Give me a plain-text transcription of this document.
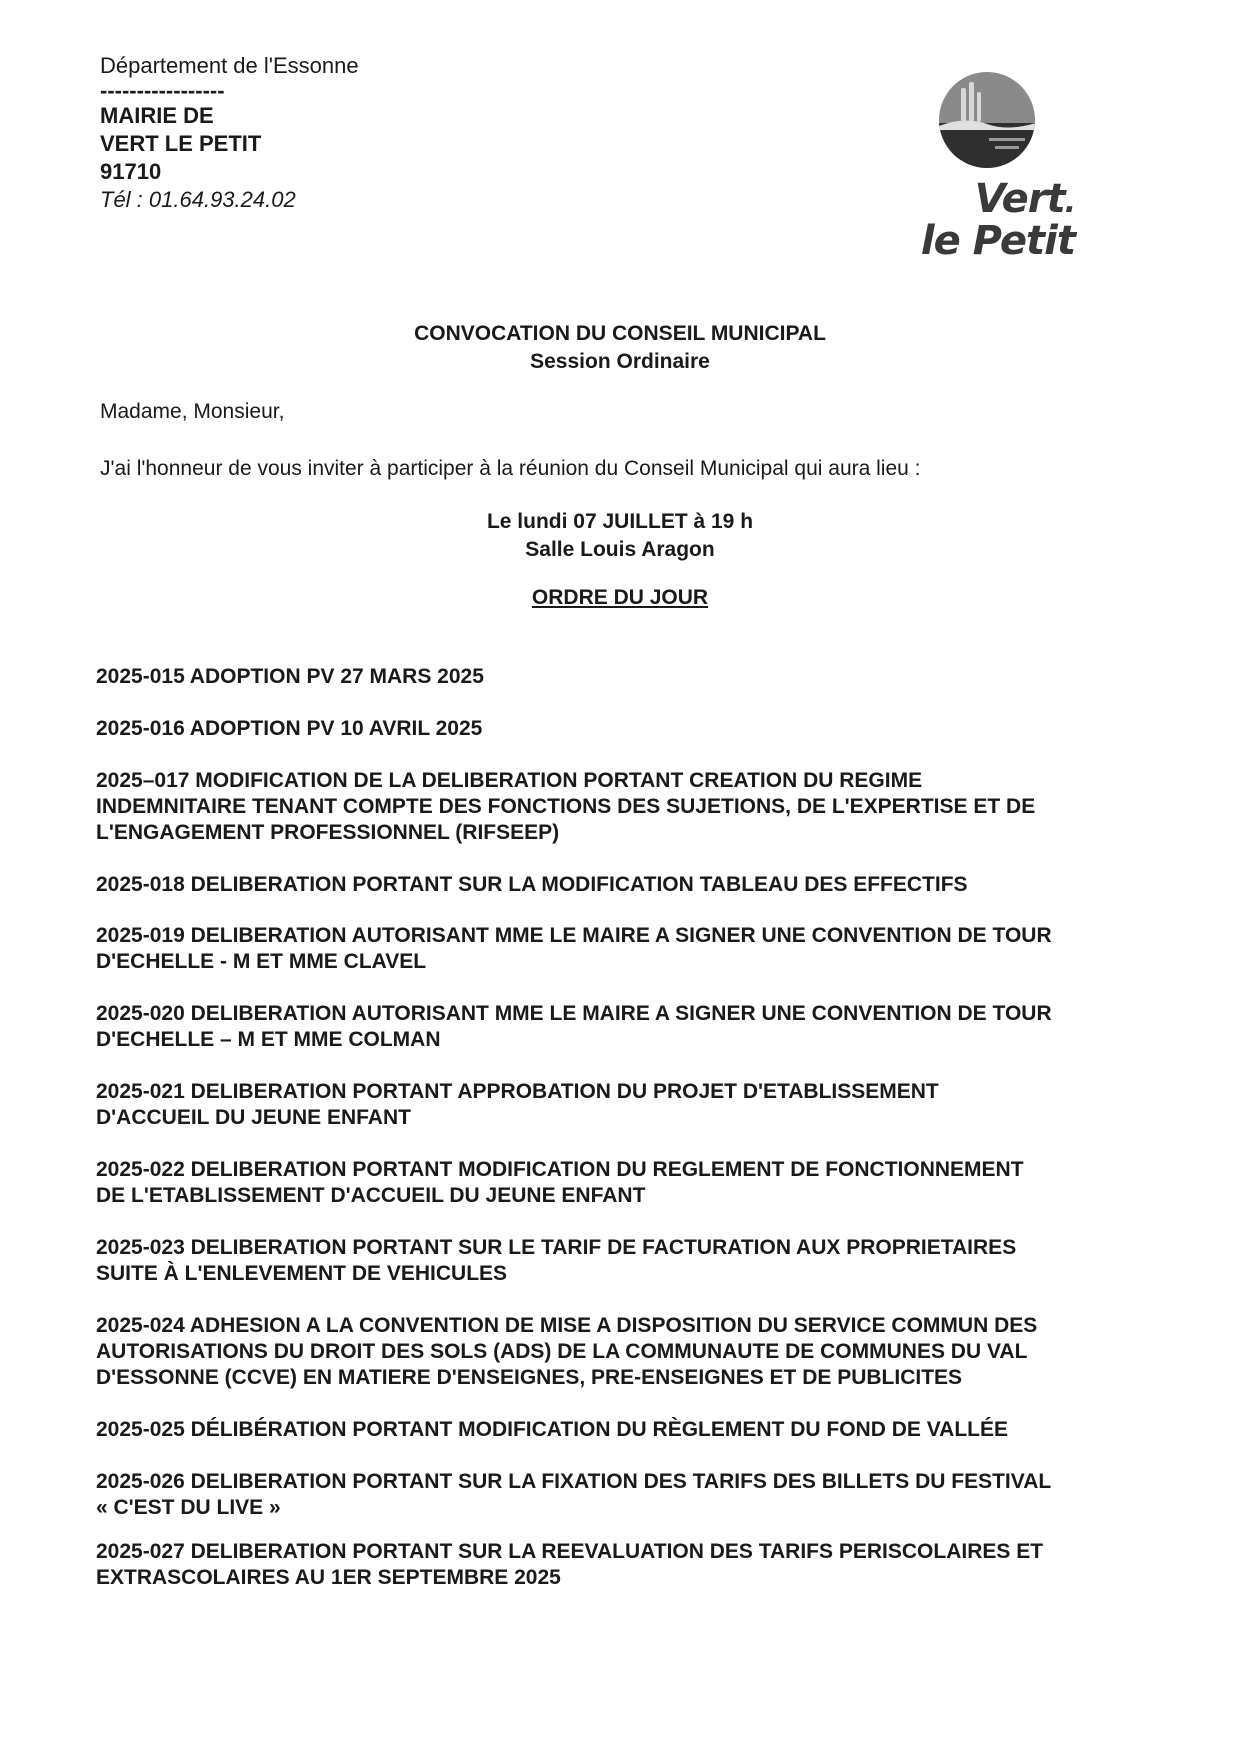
Département de l'Essonne
-----------------
MAIRIE DE
VERT LE PETIT
91710
Tél : 01.64.93.24.02	Vert.
le Petit
CONVOCATION DU CONSEIL MUNICIPAL
Session Ordinaire
Madame, Monsieur,
J'ai l'honneur de vous inviter à participer à la réunion du Conseil Municipal qui aura lieu :
Le lundi 07 JUILLET à 19 h
Salle Louis Aragon
ORDRE DU JOUR
2025-015 ADOPTION PV 27 MARS 2025
2025-016 ADOPTION PV 10 AVRIL 2025
2025–017 MODIFICATION DE LA DELIBERATION PORTANT CREATION DU REGIME
INDEMNITAIRE TENANT COMPTE DES FONCTIONS DES SUJETIONS, DE L'EXPERTISE ET DE
L'ENGAGEMENT PROFESSIONNEL (RIFSEEP)
2025-018 DELIBERATION PORTANT SUR LA MODIFICATION TABLEAU DES EFFECTIFS
2025-019 DELIBERATION AUTORISANT MME LE MAIRE A SIGNER UNE CONVENTION DE TOUR
D'ECHELLE - M ET MME CLAVEL
2025-020 DELIBERATION AUTORISANT MME LE MAIRE A SIGNER UNE CONVENTION DE TOUR
D'ECHELLE – M ET MME COLMAN
2025-021 DELIBERATION PORTANT APPROBATION DU PROJET D'ETABLISSEMENT
D'ACCUEIL DU JEUNE ENFANT
2025-022 DELIBERATION PORTANT MODIFICATION DU REGLEMENT DE FONCTIONNEMENT
DE L'ETABLISSEMENT D'ACCUEIL DU JEUNE ENFANT
2025-023 DELIBERATION PORTANT SUR LE TARIF DE FACTURATION AUX PROPRIETAIRES
SUITE À L'ENLEVEMENT DE VEHICULES
2025-024 ADHESION A LA CONVENTION DE MISE A DISPOSITION DU SERVICE COMMUN DES
AUTORISATIONS DU DROIT DES SOLS (ADS) DE LA COMMUNAUTE DE COMMUNES DU VAL
D'ESSONNE (CCVE) EN MATIERE D'ENSEIGNES, PRE-ENSEIGNES ET DE PUBLICITES
2025-025 DÉLIBÉRATION PORTANT MODIFICATION DU RÈGLEMENT DU FOND DE VALLÉE
2025-026 DELIBERATION PORTANT SUR LA FIXATION DES TARIFS DES BILLETS DU FESTIVAL
« C'EST DU LIVE »
2025-027 DELIBERATION PORTANT SUR LA REEVALUATION DES TARIFS PERISCOLAIRES ET
EXTRASCOLAIRES AU 1ER SEPTEMBRE 2025
